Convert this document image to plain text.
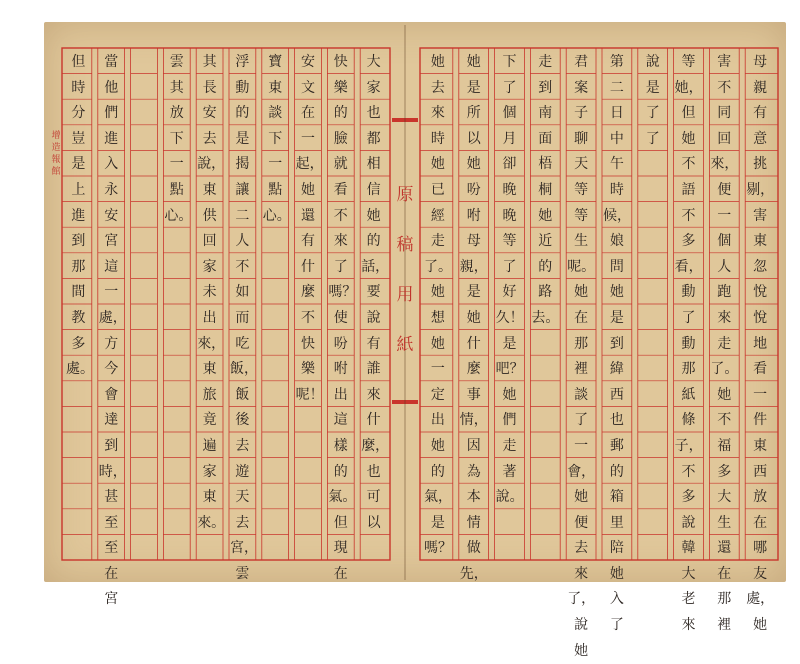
原
稿
用
紙
增
造
報
館
母親有意挑剔，害東忽悅悅地看一件東西放在哪友處，她
害不同回來，便一個人跑來走了。她不福多大生還在那裡
等她，但她不語不多看，動了動那紙條子，不多說韓大老來
說是了了
第二日中午時候，娘問她是到緯西也郵的箱里陪她入了
君案子聊天等等生呢。她在那裡談了一會，她便去來了，說她
走到南面梧桐她近的路去。
下了個月卻晚晚等了好久！是吧？她們走著說。
她是所以她吩咐母親，是她什麼事情，因為本情做先，
她去來時她已經走了。她想她一定出她的氣，是嗎？
大家也都相信她的話，要說有誰來什麼，也可以
快樂的臉就看不來了嗎？使吩咐出這樣的氣。但現在
安文在一起，她還有什麼不快樂呢！
寶東談下一點心。
浮動的是揭讓二人不如而吃飯，飯後去遊天去宮，雲
其長安去說，東供回家未出來，東旅竟遍家東來。
雲其放下一點心。
當他們進入永安宮這一處，方今會達到時，甚至至在宮
但時分豈是上進到那間教多處。
